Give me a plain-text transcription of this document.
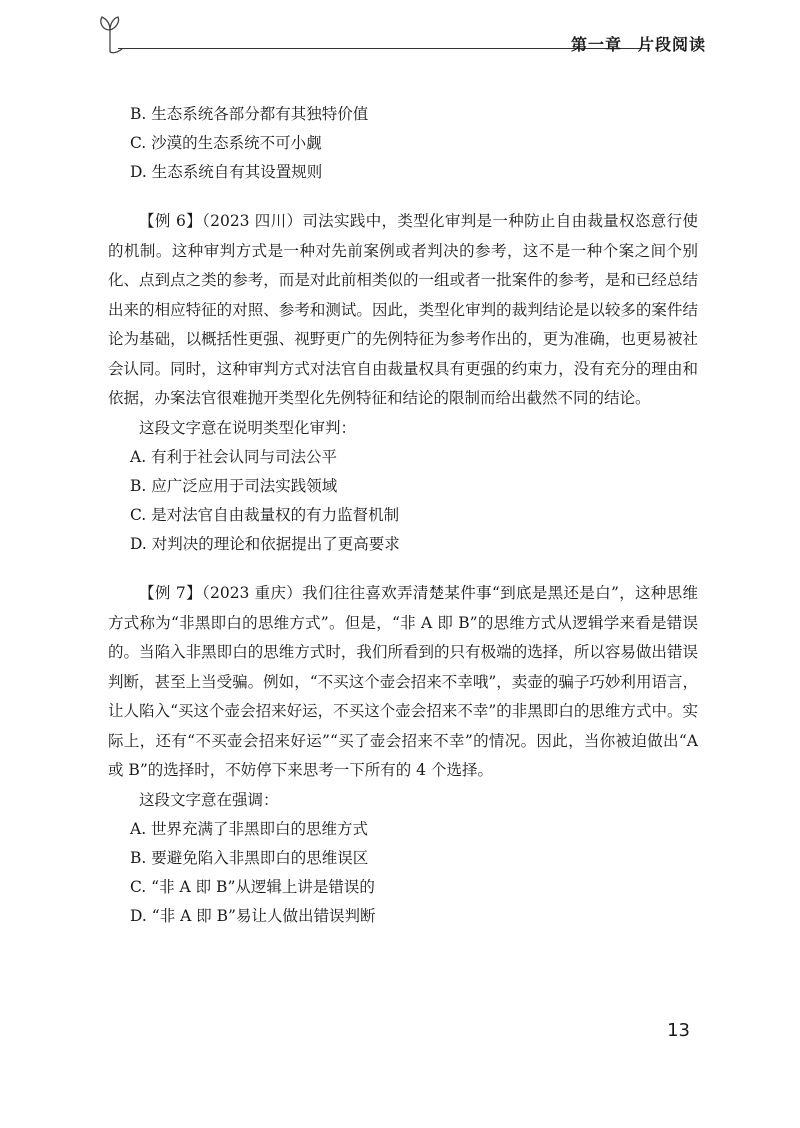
第一章 片段阅读
B. 生态系统各部分都有其独特价值
C. 沙漠的生态系统不可小觑
D. 生态系统自有其设置规则
【例 6】（2023 四川）司法实践中，类型化审判是一种防止自由裁量权恣意行使的机制。这种审判方式是一种对先前案例或者判决的参考，这不是一种个案之间个别化、点到点之类的参考，而是对此前相类似的一组或者一批案件的参考，是和已经总结出来的相应特征的对照、参考和测试。因此，类型化审判的裁判结论是以较多的案件结论为基础，以概括性更强、视野更广的先例特征为参考作出的，更为准确，也更易被社会认同。同时，这种审判方式对法官自由裁量权具有更强的约束力，没有充分的理由和依据，办案法官很难抛开类型化先例特征和结论的限制而给出截然不同的结论。
这段文字意在说明类型化审判：
A. 有利于社会认同与司法公平
B. 应广泛应用于司法实践领域
C. 是对法官自由裁量权的有力监督机制
D. 对判决的理论和依据提出了更高要求
【例 7】（2023 重庆）我们往往喜欢弄清楚某件事“到底是黑还是白”，这种思维方式称为“非黑即白的思维方式”。但是，“非 A 即 B”的思维方式从逻辑学来看是错误的。当陷入非黑即白的思维方式时，我们所看到的只有极端的选择，所以容易做出错误判断，甚至上当受骗。例如，“不买这个壶会招来不幸哦”，卖壶的骗子巧妙利用语言，让人陷入“买这个壶会招来好运，不买这个壶会招来不幸”的非黑即白的思维方式中。实际上，还有“不买壶会招来好运”“买了壶会招来不幸”的情况。因此，当你被迫做出“A 或 B”的选择时，不妨停下来思考一下所有的 4 个选择。
这段文字意在强调：
A. 世界充满了非黑即白的思维方式
B. 要避免陷入非黑即白的思维误区
C. “非 A 即 B”从逻辑上讲是错误的
D. “非 A 即 B”易让人做出错误判断
13
